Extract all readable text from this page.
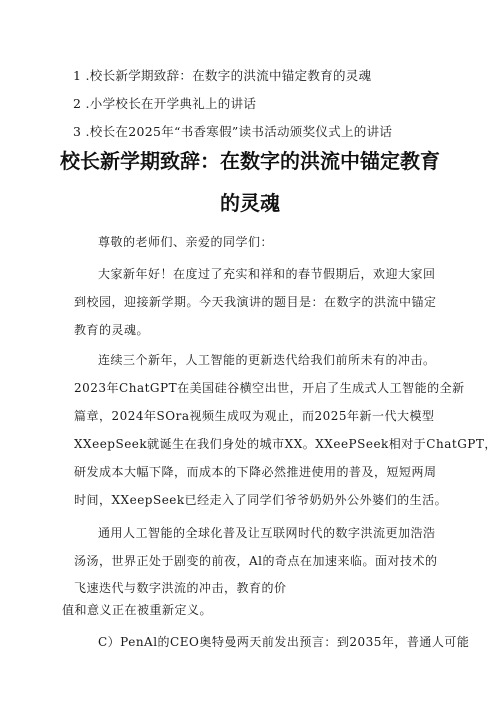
1 .校长新学期致辞：在数字的洪流中锚定教育的灵魂
2 .小学校长在开学典礼上的讲话
3 .校长在2025年“书香寒假”读书活动颁奖仪式上的讲话
校长新学期致辞：在数字的洪流中锚定教育
的灵魂
尊敬的老师们、亲爱的同学们：
大家新年好！在度过了充实和祥和的春节假期后，欢迎大家回
到校园，迎接新学期。今天我演讲的题目是：在数字的洪流中锚定
教育的灵魂。
连续三个新年，人工智能的更新迭代给我们前所未有的冲击。
2023年ChatGPT在美国硅谷横空出世，开启了生成式人工智能的全新
篇章，2024年SOra视频生成叹为观止，而2025年新一代大模型
XXeepSeek就诞生在我们身处的城市XX。XXeePSeek相对于ChatGPT，
研发成本大幅下降，而成本的下降必然推进使用的普及，短短两周
时间，XXeepSeek已经走入了同学们爷爷奶奶外公外婆们的生活。
通用人工智能的全球化普及让互联网时代的数字洪流更加浩浩
汤汤，世界正处于剧变的前夜，Al的奇点在加速来临。面对技术的
飞速迭代与数字洪流的冲击，教育的价
值和意义正在被重新定义。
C）PenAl的CEO奥特曼两天前发出预言：到2035年，普通人可能
